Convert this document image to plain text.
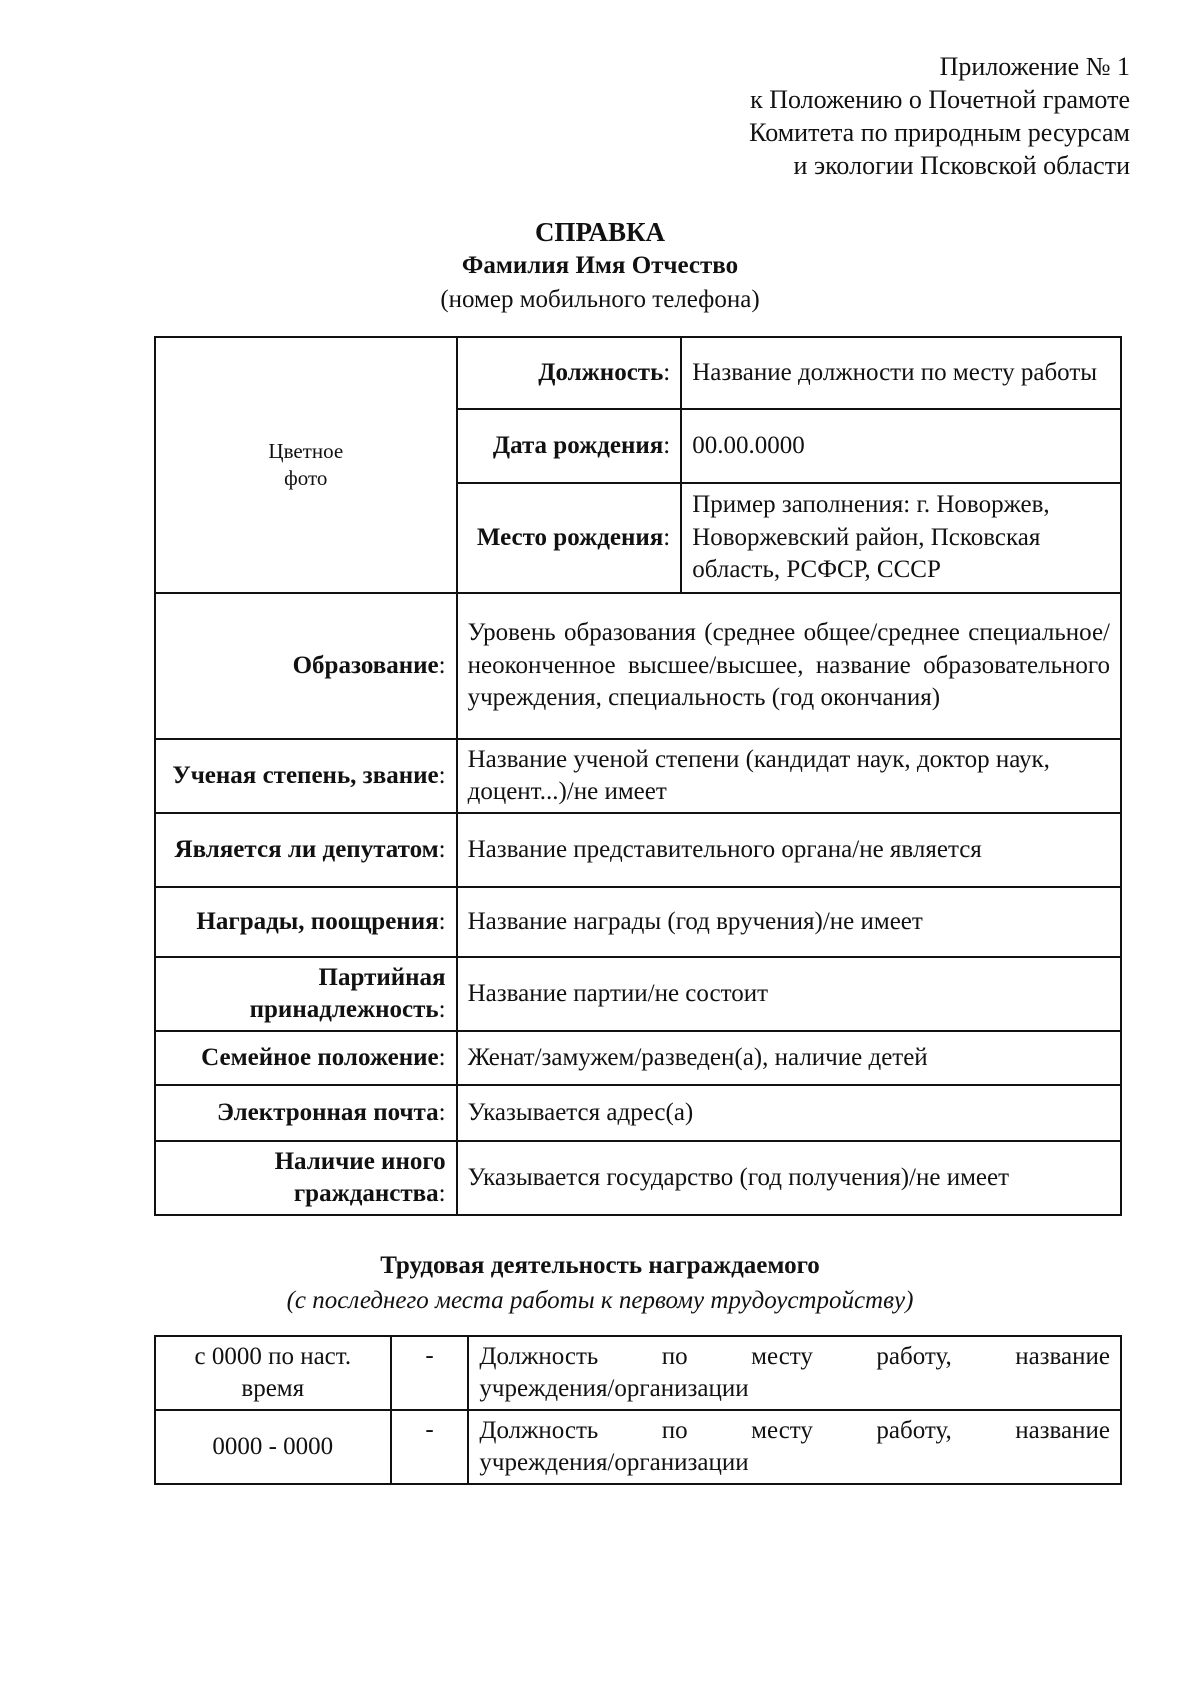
Приложение № 1
к Положению о Почетной грамоте
Комитета по природным ресурсам
и экологии Псковской области
СПРАВКА
Фамилия Имя Отчество
(номер мобильного телефона)
Цветное
фото	Должность:	Название должности по месту работы
	Дата рождения:	00.00.0000
	Место рождения:	Пример заполнения: г. Новоржев, Новоржевский район, Псковская область, РСФСР, СССР
Образование:	Уровень образования (среднее общее/среднее специальное/неоконченное высшее/высшее, название образовательного учреждения, специальность (год окончания)	
Ученая степень, звание:	Название ученой степени (кандидат наук, доктор наук, доцент...)/не имеет	
Является ли депутатом:	Название представительного органа/не является	
Награды, поощрения:	Название награды (год вручения)/не имеет	
Партийная принадлежность:	Название партии/не состоит	
Семейное положение:	Женат/замужем/разведен(а), наличие детей	
Электронная почта:	Указывается адрес(а)	
Наличие иного гражданства:	Указывается государство (год получения)/не имеет	
Трудовая деятельность награждаемого
(с последнего места работы к первому трудоустройству)
с 0000 по наст. время	-	Должность по месту работу, название
учреждения/организации
0000 - 0000	-	Должность по месту работу, название
учреждения/организации
